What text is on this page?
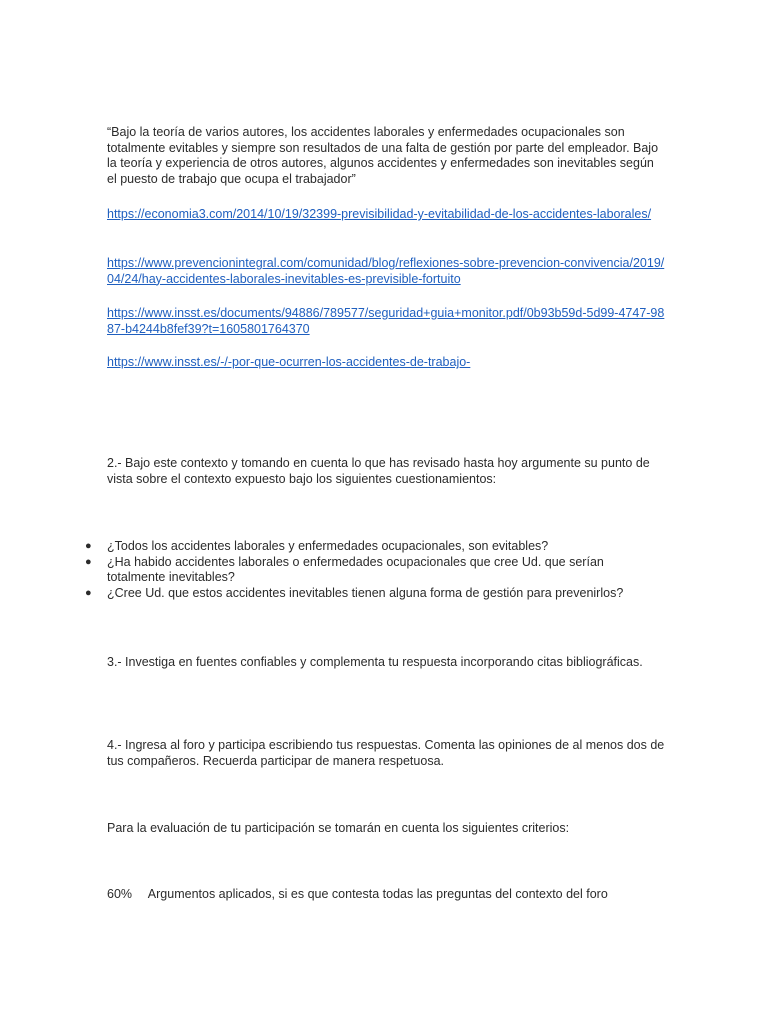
“Bajo la teoría de varios autores, los accidentes laborales y enfermedades ocupacionales son totalmente evitables y siempre son resultados de una falta de gestión por parte del empleador. Bajo la teoría y experiencia de otros autores, algunos accidentes y enfermedades son inevitables según el puesto de trabajo que ocupa el trabajador”

https://economia3.com/2014/10/19/32399-previsibilidad-y-evitabilidad-de-los-accidentes-laborales/
https://www.prevencionintegral.com/comunidad/blog/reflexiones-sobre-prevencion-convivencia/2019/04/24/hay-accidentes-laborales-inevitables-es-previsible-fortuito
https://www.insst.es/documents/94886/789577/seguridad+guia+monitor.pdf/0b93b59d-5d99-4747-9887-b4244b8fef39?t=1605801764370
https://www.insst.es/-/-por-que-ocurren-los-accidentes-de-trabajo-

2.- Bajo este contexto y tomando en cuenta lo que has revisado hasta hoy argumente su punto de vista sobre el contexto expuesto bajo los siguientes cuestionamientos:

● ¿Todos los accidentes laborales y enfermedades ocupacionales, son evitables?
● ¿Ha habido accidentes laborales o enfermedades ocupacionales que cree Ud. que serían totalmente inevitables?
● ¿Cree Ud. que estos accidentes inevitables tienen alguna forma de gestión para prevenirlos?

3.- Investiga en fuentes confiables y complementa tu respuesta incorporando citas bibliográficas.

4.- Ingresa al foro y participa escribiendo tus respuestas. Comenta las opiniones de al menos dos de tus compañeros. Recuerda participar de manera respetuosa.

Para la evaluación de tu participación se tomarán en cuenta los siguientes criterios:

60% Argumentos aplicados, si es que contesta todas las preguntas del contexto del foro
